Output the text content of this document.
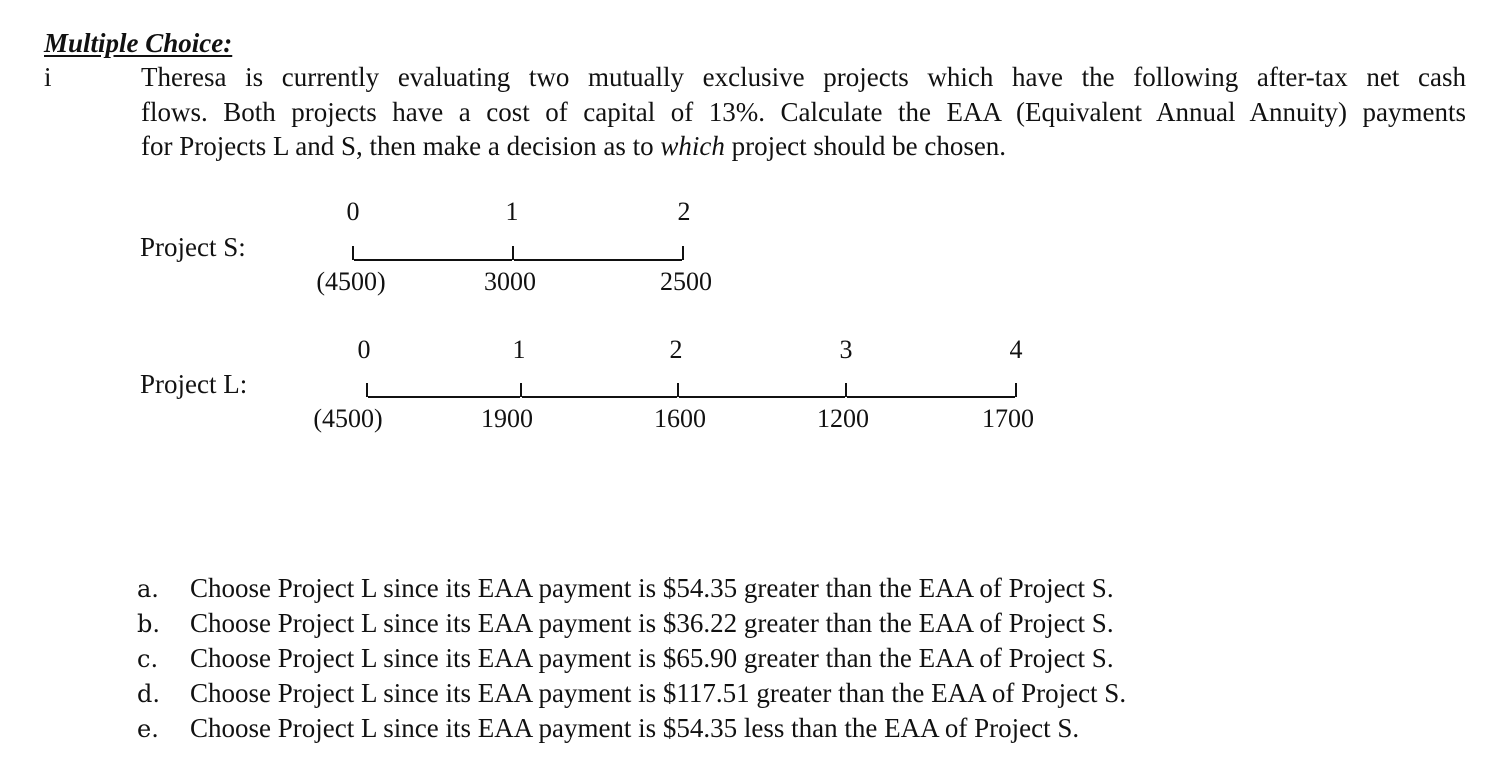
Multiple Choice:
i	Theresa is currently evaluating two mutually exclusive projects which have the following after-tax net cash
flows. Both projects have a cost of capital of 13%. Calculate the EAA (Equivalent Annual Annuity) payments
for Projects L and S, then make a decision as to which project should be chosen.
Project S:
0	1	2
(4500)	3000	2500
Project L:
0	1	2	3	4
(4500)	1900	1600	1200	1700
a. Choose Project L since its EAA payment is $54.35 greater than the EAA of Project S.
b. Choose Project L since its EAA payment is $36.22 greater than the EAA of Project S.
c. Choose Project L since its EAA payment is $65.90 greater than the EAA of Project S.
d. Choose Project L since its EAA payment is $117.51 greater than the EAA of Project S.
e. Choose Project L since its EAA payment is $54.35 less than the EAA of Project S.
